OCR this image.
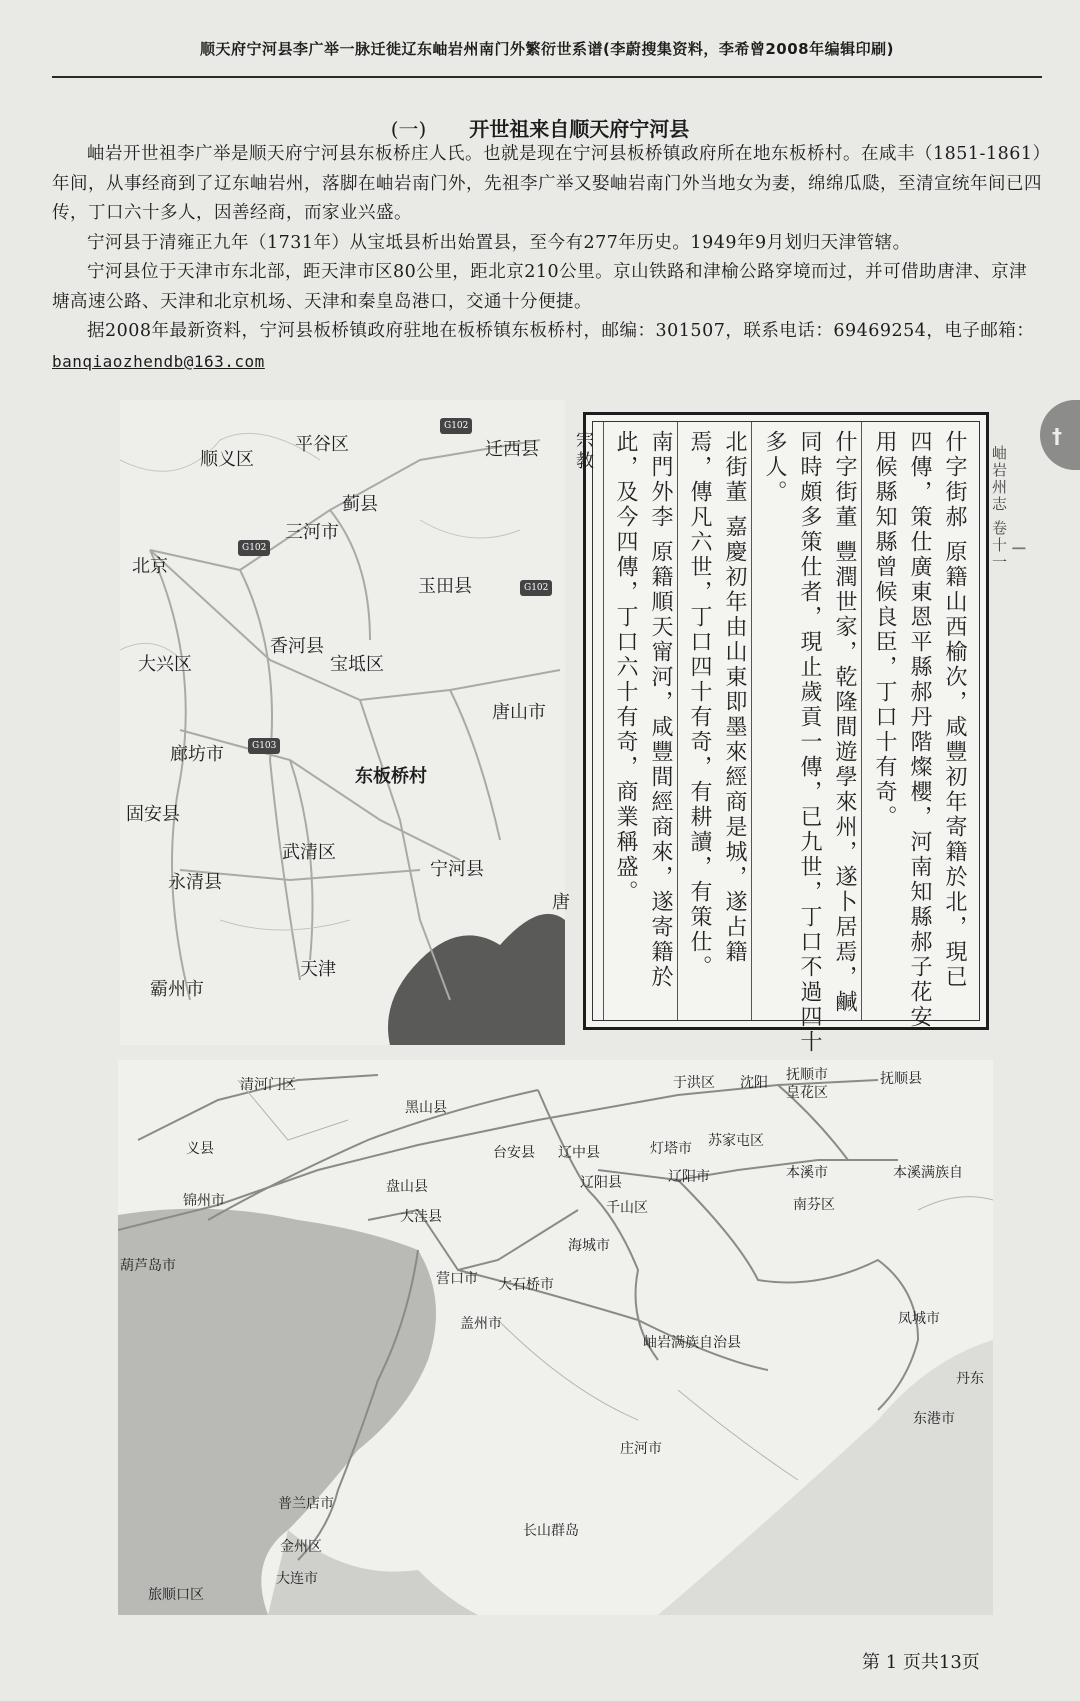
顺天府宁河县李广举一脉迁徙辽东岫岩州南门外繁衍世系谱(李蔚搜集资料，李希曾2008年编辑印刷)
(一) 开世祖来自顺天府宁河县

岫岩开世祖李广举是顺天府宁河县东板桥庄人氏。也就是现在宁河县板桥镇政府所在地东板桥村。在咸丰（1851-1861）年间，从事经商到了辽东岫岩州，落脚在岫岩南门外，先祖李广举又娶岫岩南门外当地女为妻，绵绵瓜瓞，至清宣统年间已四传，丁口六十多人，因善经商，而家业兴盛。

宁河县于清雍正九年（1731年）从宝坻县析出始置县，至今有277年历史。1949年9月划归天津管辖。

宁河县位于天津市东北部，距天津市区80公里，距北京210公里。京山铁路和津榆公路穿境而过，并可借助唐津、京津塘高速公路、天津和北京机场、天津和秦皇岛港口，交通十分便捷。

据2008年最新资料，宁河县板桥镇政府驻地在板桥镇东板桥村，邮编：301507，联系电话：69469254，电子邮箱：banqiaozhendb@163.com

平谷区
顺义区	迁西县
蓟县
三河市
北京
玉田县
大兴区
香河县
宝坻区
唐山市
廊坊市
东板桥村
固安县
武清区
永清县
宁河县
天津
霸州市
唐
G102
G102
G102
G103	什字街郝 原籍山西榆次，咸豐初年寄籍於北，現已
四傳，策仕廣東恩平縣郝丹階燦櫻，河南知縣郝子花安
用候縣知縣曾候良臣，丁口十有奇。
什字街董 豐潤世家，乾隆間遊學來州，遂卜居焉，鹹
同時頗多策仕者，現止歲貢一傳，已九世，丁口不過四十
多人。
北街董 嘉慶初年由山東即墨來經商是城，遂占籍
焉，傳凡六世，丁口四十有奇，有耕讀，有策仕。
南門外李 原籍順天甯河，咸豐間經商來，遂寄籍於
此，及今四傳，丁口六十有奇，商業稱盛。
宗教	岫岩州志 卷十一 ┃
†
清河门区	于洪区 沈阳 抚顺市	抚顺县
黑山县
皇花区
义县	台安县 辽中县	灯塔市 苏家屯区
锦州市
盘山县	辽阳县	辽阳市	本溪市	本溪满族自
大洼县
千山区	南芬区
葫芦岛市
海城市
营口市 大石桥市
盖州市	凤城市
岫岩满族自治县
丹东
东港市
庄河市
普兰店市
长山群岛
金州区
大连市
旅顺口区
第 1 页共13页
